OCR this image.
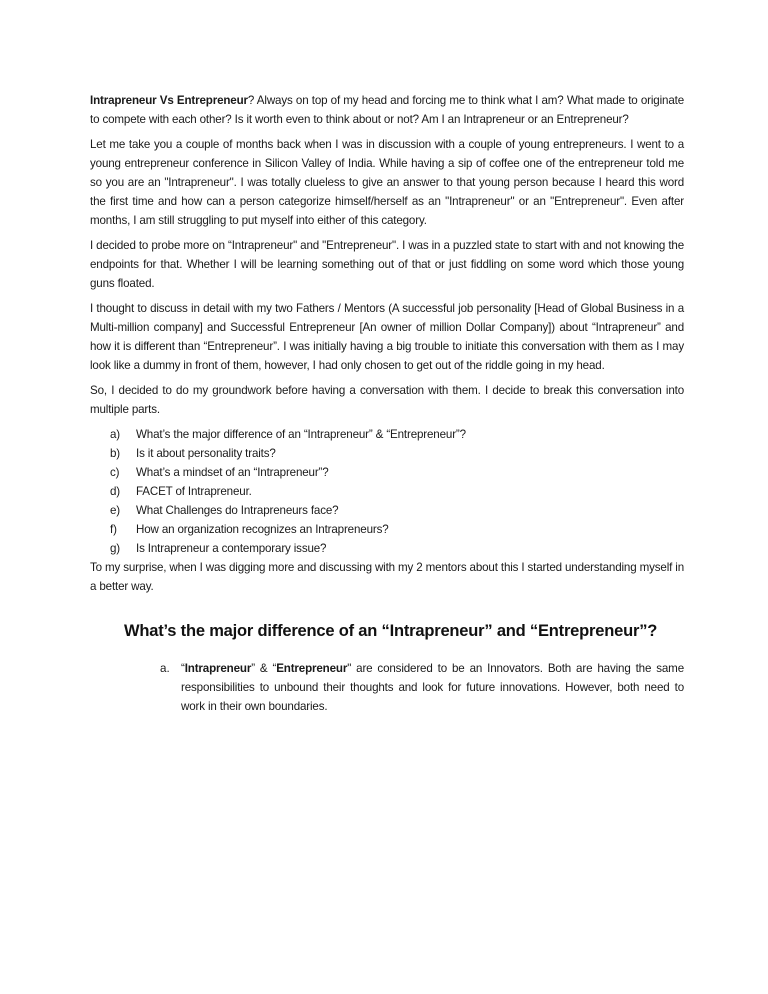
Intrapreneur Vs Entrepreneur? Always on top of my head and forcing me to think what I am? What made to originate to compete with each other? Is it worth even to think about or not? Am I an Intrapreneur or an Entrepreneur?

Let me take you a couple of months back when I was in discussion with a couple of young entrepreneurs. I went to a young entrepreneur conference in Silicon Valley of India. While having a sip of coffee one of the entrepreneur told me so you are an "Intrapreneur". I was totally clueless to give an answer to that young person because I heard this word the first time and how can a person categorize himself/herself as an "Intrapreneur" or an "Entrepreneur". Even after months, I am still struggling to put myself into either of this category.

I decided to probe more on “Intrapreneur" and "Entrepreneur". I was in a puzzled state to start with and not knowing the endpoints for that. Whether I will be learning something out of that or just fiddling on some word which those young guns floated.

I thought to discuss in detail with my two Fathers / Mentors (A successful job personality [Head of Global Business in a Multi-million company] and Successful Entrepreneur [An owner of million Dollar Company]) about “Intrapreneur” and how it is different than “Entrepreneur”. I was initially having a big trouble to initiate this conversation with them as I may look like a dummy in front of them, however, I had only chosen to get out of the riddle going in my head.

So, I decided to do my groundwork before having a conversation with them. I decide to break this conversation into multiple parts.

a)	What’s the major difference of an “Intrapreneur” & “Entrepreneur”?
b)	Is it about personality traits?
c)	What’s a mindset of an “Intrapreneur”?
d)	FACET of Intrapreneur.
e)	What Challenges do Intrapreneurs face?
f)	How an organization recognizes an Intrapreneurs?
g)	Is Intrapreneur a contemporary issue?

To my surprise, when I was digging more and discussing with my 2 mentors about this I started understanding myself in a better way.

What’s the major difference of an “Intrapreneur” and “Entrepreneur”?
a. “Intrapreneur” & “Entrepreneur" are considered to be an Innovators. Both are having the same responsibilities to unbound their thoughts and look for future innovations. However, both need to work in their own boundaries.
